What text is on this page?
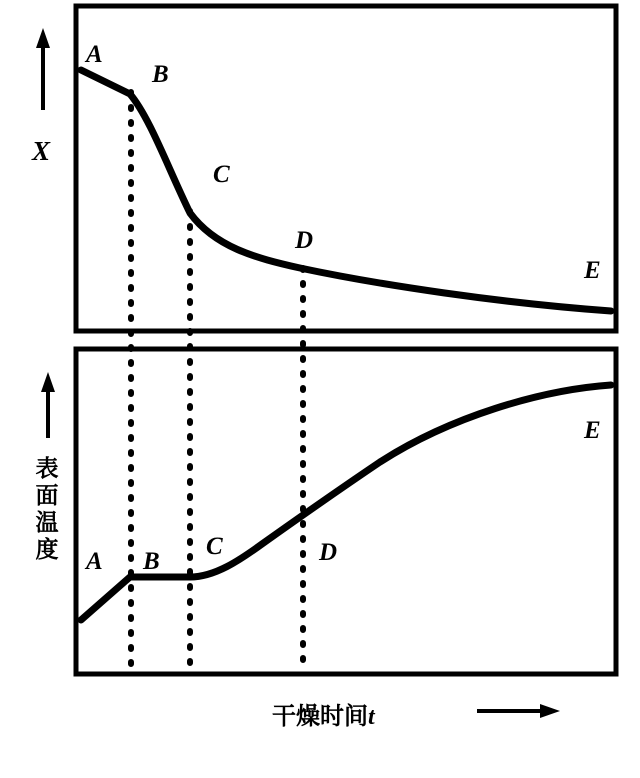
A
B
C
D
E
X
A B
C	D
E
表面温度
干燥时间t
